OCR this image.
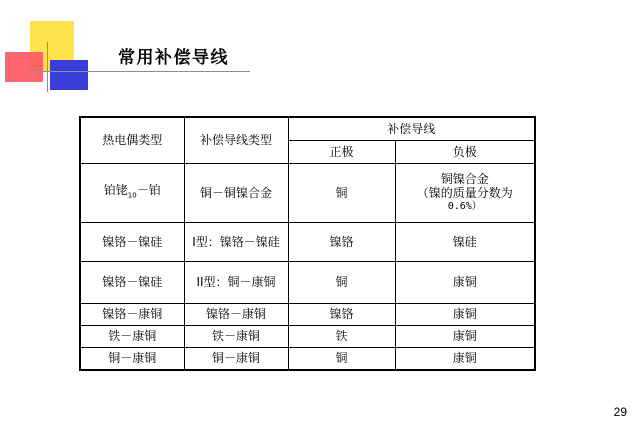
常用补偿导线
热电偶类型	补偿导线类型	补偿导线	
		正极	负极
铂铑$_{10}$－铂	铜－铜镍合金	铜	铜镍合金
（镍的质量分数为
0.6%）

镍铬－镍硅	I型：镍铬－镍硅	镍铬	镍硅
镍铬－镍硅	II型：铜－康铜	铜	康铜
镍铬－康铜	镍铬－康铜	镍铬	康铜
铁－康铜	铁－康铜	铁	康铜
铜－康铜	铜－康铜	铜	康铜
29
